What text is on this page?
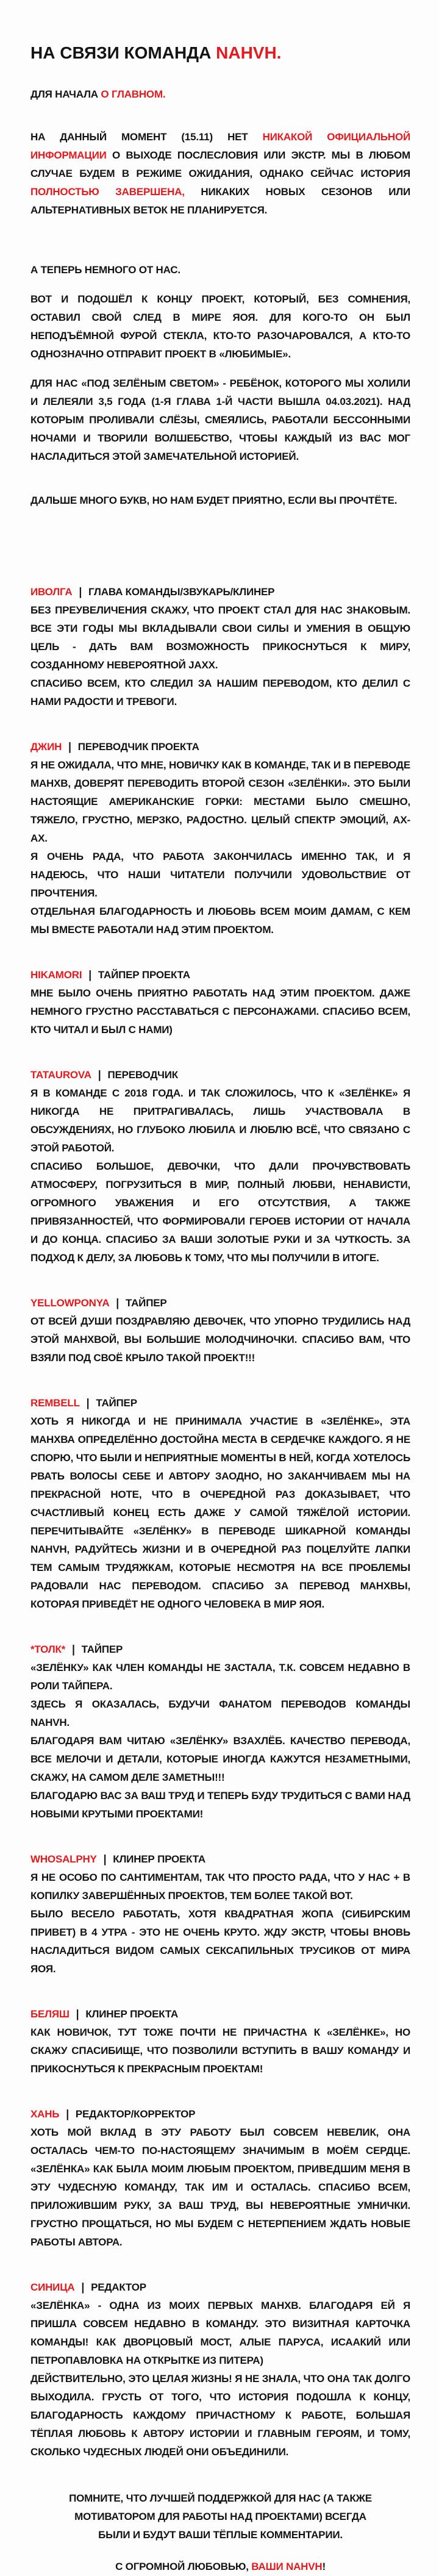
НА СВЯЗИ КОМАНДА NAHVH.

ДЛЯ НАЧАЛА О ГЛАВНОМ.

НА ДАННЫЙ МОМЕНТ (15.11) НЕТ НИКАКОЙ ОФИЦИАЛЬНОЙ ИНФОРМАЦИИ О ВЫХОДЕ ПОСЛЕСЛОВИЯ ИЛИ ЭКСТР. МЫ В ЛЮБОМ СЛУЧАЕ БУДЕМ В РЕЖИМЕ ОЖИДАНИЯ, ОДНАКО СЕЙЧАС ИСТОРИЯ ПОЛНОСТЬЮ ЗАВЕРШЕНА, НИКАКИХ НОВЫХ СЕЗОНОВ ИЛИ АЛЬТЕРНАТИВНЫХ ВЕТОК НЕ ПЛАНИРУЕТСЯ.

А ТЕПЕРЬ НЕМНОГО ОТ НАС.

ВОТ И ПОДОШЁЛ К КОНЦУ ПРОЕКТ, КОТОРЫЙ, БЕЗ СОМНЕНИЯ, ОСТАВИЛ СВОЙ СЛЕД В МИРЕ ЯОЯ. ДЛЯ КОГО-ТО ОН БЫЛ НЕПОДЪЁМНОЙ ФУРОЙ СТЕКЛА, КТО-ТО РАЗОЧАРОВАЛСЯ, А КТО-ТО ОДНОЗНАЧНО ОТПРАВИТ ПРОЕКТ В «ЛЮБИМЫЕ».

ДЛЯ НАС «ПОД ЗЕЛЁНЫМ СВЕТОМ» - РЕБЁНОК, КОТОРОГО МЫ ХОЛИЛИ И ЛЕЛЕЯЛИ 3,5 ГОДА (1-Я ГЛАВА 1-Й ЧАСТИ ВЫШЛА 04.03.2021). НАД КОТОРЫМ ПРОЛИВАЛИ СЛЁЗЫ, СМЕЯЛИСЬ, РАБОТАЛИ БЕССОННЫМИ НОЧАМИ И ТВОРИЛИ ВОЛШЕБСТВО, ЧТОБЫ КАЖДЫЙ ИЗ ВАС МОГ НАСЛАДИТЬСЯ ЭТОЙ ЗАМЕЧАТЕЛЬНОЙ ИСТОРИЕЙ.

ДАЛЬШЕ МНОГО БУКВ, НО НАМ БУДЕТ ПРИЯТНО, ЕСЛИ ВЫ ПРОЧТЁТЕ.

ИВОЛГА | ГЛАВА КОМАНДЫ/ЗВУКАРЬ/КЛИНЕР

БЕЗ ПРЕУВЕЛИЧЕНИЯ СКАЖУ, ЧТО ПРОЕКТ СТАЛ ДЛЯ НАС ЗНАКОВЫМ. ВСЕ ЭТИ ГОДЫ МЫ ВКЛАДЫВАЛИ СВОИ СИЛЫ И УМЕНИЯ В ОБЩУЮ ЦЕЛЬ - ДАТЬ ВАМ ВОЗМОЖНОСТЬ ПРИКОСНУТЬСЯ К МИРУ, СОЗДАННОМУ НЕВЕРОЯТНОЙ JAXX.

СПАСИБО ВСЕМ, КТО СЛЕДИЛ ЗА НАШИМ ПЕРЕВОДОМ, КТО ДЕЛИЛ С НАМИ РАДОСТИ И ТРЕВОГИ.

ДЖИН | ПЕРЕВОДЧИК ПРОЕКТА

Я НЕ ОЖИДАЛА, ЧТО МНЕ, НОВИЧКУ КАК В КОМАНДЕ, ТАК И В ПЕРЕВОДЕ МАНХВ, ДОВЕРЯТ ПЕРЕВОДИТЬ ВТОРОЙ СЕЗОН «ЗЕЛЁНКИ». ЭТО БЫЛИ НАСТОЯЩИЕ АМЕРИКАНСКИЕ ГОРКИ: МЕСТАМИ БЫЛО СМЕШНО, ТЯЖЕЛО, ГРУСТНО, МЕРЗКО, РАДОСТНО. ЦЕЛЫЙ СПЕКТР ЭМОЦИЙ, АХ-АХ.

Я ОЧЕНЬ РАДА, ЧТО РАБОТА ЗАКОНЧИЛАСЬ ИМЕННО ТАК, И Я НАДЕЮСЬ, ЧТО НАШИ ЧИТАТЕЛИ ПОЛУЧИЛИ УДОВОЛЬСТВИЕ ОТ ПРОЧТЕНИЯ.

ОТДЕЛЬНАЯ БЛАГОДАРНОСТЬ И ЛЮБОВЬ ВСЕМ МОИМ ДАМАМ, С КЕМ МЫ ВМЕСТЕ РАБОТАЛИ НАД ЭТИМ ПРОЕКТОМ.

HIKAMORI | ТАЙПЕР ПРОЕКТА

МНЕ БЫЛО ОЧЕНЬ ПРИЯТНО РАБОТАТЬ НАД ЭТИМ ПРОЕКТОМ. ДАЖЕ НЕМНОГО ГРУСТНО РАССТАВАТЬСЯ С ПЕРСОНАЖАМИ. СПАСИБО ВСЕМ, КТО ЧИТАЛ И БЫЛ С НАМИ)

TATAUROVA | ПЕРЕВОДЧИК

Я В КОМАНДЕ С 2018 ГОДА. И ТАК СЛОЖИЛОСЬ, ЧТО К «ЗЕЛЁНКЕ» Я НИКОГДА НЕ ПРИТРАГИВАЛАСЬ, ЛИШЬ УЧАСТВОВАЛА В ОБСУЖДЕНИЯХ, НО ГЛУБОКО ЛЮБИЛА И ЛЮБЛЮ ВСЁ, ЧТО СВЯЗАНО С ЭТОЙ РАБОТОЙ.

СПАСИБО БОЛЬШОЕ, ДЕВОЧКИ, ЧТО ДАЛИ ПРОЧУВСТВОВАТЬ АТМОСФЕРУ, ПОГРУЗИТЬСЯ В МИР, ПОЛНЫЙ ЛЮБВИ, НЕНАВИСТИ, ОГРОМНОГО УВАЖЕНИЯ И ЕГО ОТСУТСТВИЯ, А ТАКЖЕ ПРИВЯЗАННОСТЕЙ, ЧТО ФОРМИРОВАЛИ ГЕРОЕВ ИСТОРИИ ОТ НАЧАЛА И ДО КОНЦА. СПАСИБО ЗА ВАШИ ЗОЛОТЫЕ РУКИ И ЗА ЧУТКОСТЬ. ЗА ПОДХОД К ДЕЛУ, ЗА ЛЮБОВЬ К ТОМУ, ЧТО МЫ ПОЛУЧИЛИ В ИТОГЕ.

YELLOWPONYA | ТАЙПЕР

ОТ ВСЕЙ ДУШИ ПОЗДРАВЛЯЮ ДЕВОЧЕК, ЧТО УПОРНО ТРУДИЛИСЬ НАД ЭТОЙ МАНХВОЙ, ВЫ БОЛЬШИЕ МОЛОДЧИНОЧКИ. СПАСИБО ВАМ, ЧТО ВЗЯЛИ ПОД СВОЁ КРЫЛО ТАКОЙ ПРОЕКТ!!!

REMBELL | ТАЙПЕР

ХОТЬ Я НИКОГДА И НЕ ПРИНИМАЛА УЧАСТИЕ В «ЗЕЛЁНКЕ», ЭТА МАНХВА ОПРЕДЕЛЁННО ДОСТОЙНА МЕСТА В СЕРДЕЧКЕ КАЖДОГО. Я НЕ СПОРЮ, ЧТО БЫЛИ И НЕПРИЯТНЫЕ МОМЕНТЫ В НЕЙ, КОГДА ХОТЕЛОСЬ РВАТЬ ВОЛОСЫ СЕБЕ И АВТОРУ ЗАОДНО, НО ЗАКАНЧИВАЕМ МЫ НА ПРЕКРАСНОЙ НОТЕ, ЧТО В ОЧЕРЕДНОЙ РАЗ ДОКАЗЫВАЕТ, ЧТО СЧАСТЛИВЫЙ КОНЕЦ ЕСТЬ ДАЖЕ У САМОЙ ТЯЖЁЛОЙ ИСТОРИИ. ПЕРЕЧИТЫВАЙТЕ «ЗЕЛЁНКУ» В ПЕРЕВОДЕ ШИКАРНОЙ КОМАНДЫ NAHVH, РАДУЙТЕСЬ ЖИЗНИ И В ОЧЕРЕДНОЙ РАЗ ПОЦЕЛУЙТЕ ЛАПКИ ТЕМ САМЫМ ТРУДЯЖКАМ, КОТОРЫЕ НЕСМОТРЯ НА ВСЕ ПРОБЛЕМЫ РАДОВАЛИ НАС ПЕРЕВОДОМ. СПАСИБО ЗА ПЕРЕВОД МАНХВЫ, КОТОРАЯ ПРИВЕДЁТ НЕ ОДНОГО ЧЕЛОВЕКА В МИР ЯОЯ.

*ТОЛК* | ТАЙПЕР

«ЗЕЛЁНКУ» КАК ЧЛЕН КОМАНДЫ НЕ ЗАСТАЛА, Т.К. СОВСЕМ НЕДАВНО В РОЛИ ТАЙПЕРА.

ЗДЕСЬ Я ОКАЗАЛАСЬ, БУДУЧИ ФАНАТОМ ПЕРЕВОДОВ КОМАНДЫ NAHVH.

БЛАГОДАРЯ ВАМ ЧИТАЮ «ЗЕЛЁНКУ» ВЗАХЛЁБ. КАЧЕСТВО ПЕРЕВОДА, ВСЕ МЕЛОЧИ И ДЕТАЛИ, КОТОРЫЕ ИНОГДА КАЖУТСЯ НЕЗАМЕТНЫМИ, СКАЖУ, НА САМОМ ДЕЛЕ ЗАМЕТНЫ!!!

БЛАГОДАРЮ ВАС ЗА ВАШ ТРУД И ТЕПЕРЬ БУДУ ТРУДИТЬСЯ С ВАМИ НАД НОВЫМИ КРУТЫМИ ПРОЕКТАМИ!

WHOSALPHY | КЛИНЕР ПРОЕКТА

Я НЕ ОСОБО ПО САНТИМЕНТАМ, ТАК ЧТО ПРОСТО РАДА, ЧТО У НАС + В КОПИЛКУ ЗАВЕРШЁННЫХ ПРОЕКТОВ, ТЕМ БОЛЕЕ ТАКОЙ ВОТ.

БЫЛО ВЕСЕЛО РАБОТАТЬ, ХОТЯ КВАДРАТНАЯ ЖОПА (СИБИРСКИМ ПРИВЕТ) В 4 УТРА - ЭТО НЕ ОЧЕНЬ КРУТО. ЖДУ ЭКСТР, ЧТОБЫ ВНОВЬ НАСЛАДИТЬСЯ ВИДОМ САМЫХ СЕКСАПИЛЬНЫХ ТРУСИКОВ ОТ МИРА ЯОЯ.

БЕЛЯШ | КЛИНЕР ПРОЕКТА

КАК НОВИЧОК, ТУТ ТОЖЕ ПОЧТИ НЕ ПРИЧАСТНА К «ЗЕЛЁНКЕ», НО СКАЖУ СПАСИБИЩЕ, ЧТО ПОЗВОЛИЛИ ВСТУПИТЬ В ВАШУ КОМАНДУ И ПРИКОСНУТЬСЯ К ПРЕКРАСНЫМ ПРОЕКТАМ!

ХАНЬ | РЕДАКТОР/КОРРЕКТОР

ХОТЬ МОЙ ВКЛАД В ЭТУ РАБОТУ БЫЛ СОВСЕМ НЕВЕЛИК, ОНА ОСТАЛАСЬ ЧЕМ-ТО ПО-НАСТОЯЩЕМУ ЗНАЧИМЫМ В МОЁМ СЕРДЦЕ. «ЗЕЛЁНКА» КАК БЫЛА МОИМ ЛЮБЫМ ПРОЕКТОМ, ПРИВЕДШИМ МЕНЯ В ЭТУ ЧУДЕСНУЮ КОМАНДУ, ТАК ИМ И ОСТАЛАСЬ. СПАСИБО ВСЕМ, ПРИЛОЖИВШИМ РУКУ, ЗА ВАШ ТРУД, ВЫ НЕВЕРОЯТНЫЕ УМНИЧКИ. ГРУСТНО ПРОЩАТЬСЯ, НО МЫ БУДЕМ С НЕТЕРПЕНИЕМ ЖДАТЬ НОВЫЕ РАБОТЫ АВТОРА.

СИНИЦА | РЕДАКТОР

«ЗЕЛЁНКА» - ОДНА ИЗ МОИХ ПЕРВЫХ МАНХВ. БЛАГОДАРЯ ЕЙ Я ПРИШЛА СОВСЕМ НЕДАВНО В КОМАНДУ. ЭТО ВИЗИТНАЯ КАРТОЧКА КОМАНДЫ! КАК ДВОРЦОВЫЙ МОСТ, АЛЫЕ ПАРУСА, ИСААКИЙ ИЛИ ПЕТРОПАВЛОВКА НА ОТКРЫТКЕ ИЗ ПИТЕРА)

ДЕЙСТВИТЕЛЬНО, ЭТО ЦЕЛАЯ ЖИЗНЬ! Я НЕ ЗНАЛА, ЧТО ОНА ТАК ДОЛГО ВЫХОДИЛА. ГРУСТЬ ОТ ТОГО, ЧТО ИСТОРИЯ ПОДОШЛА К КОНЦУ, БЛАГОДАРНОСТЬ КАЖДОМУ ПРИЧАСТНОМУ К РАБОТЕ, БОЛЬШАЯ ТЁПЛАЯ ЛЮБОВЬ К АВТОРУ ИСТОРИИ И ГЛАВНЫМ ГЕРОЯМ, И ТОМУ, СКОЛЬКО ЧУДЕСНЫХ ЛЮДЕЙ ОНИ ОБЪЕДИНИЛИ.

ПОМНИТЕ, ЧТО ЛУЧШЕЙ ПОДДЕРЖКОЙ ДЛЯ НАС (А ТАКЖЕ МОТИВАТОРОМ ДЛЯ РАБОТЫ НАД ПРОЕКТАМИ) ВСЕГДА БЫЛИ И БУДУТ ВАШИ ТЁПЛЫЕ КОММЕНТАРИИ.

С ОГРОМНОЙ ЛЮБОВЬЮ, ВАШИ NAHVH!
